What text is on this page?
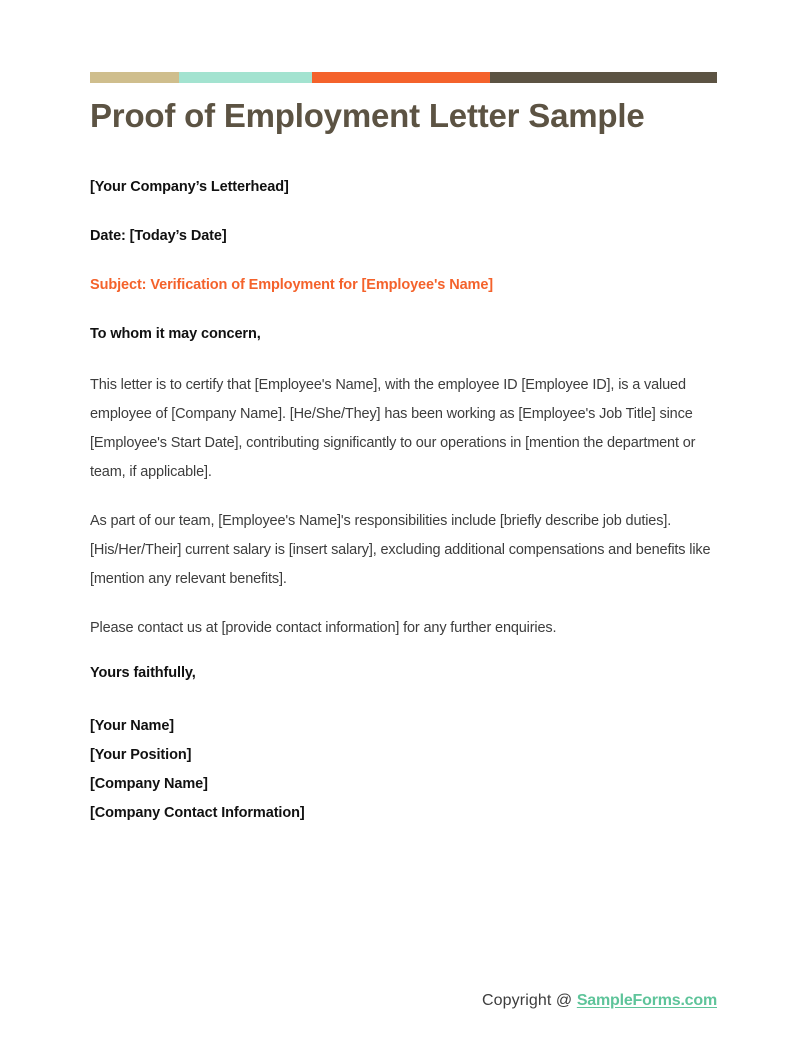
Proof of Employment Letter Sample
[Your Company’s Letterhead]
Date: [Today’s Date]
Subject: Verification of Employment for [Employee's Name]
To whom it may concern,

This letter is to certify that [Employee's Name], with the employee ID [Employee ID], is a valued employee of [Company Name]. [He/She/They] has been working as [Employee's Job Title] since [Employee's Start Date], contributing significantly to our operations in [mention the department or team, if applicable].

As part of our team, [Employee's Name]'s responsibilities include [briefly describe job duties]. [His/Her/Their] current salary is [insert salary], excluding additional compensations and benefits like [mention any relevant benefits].

Please contact us at [provide contact information] for any further enquiries.

Yours faithfully,
[Your Name]
[Your Position]
[Company Name]
[Company Contact Information]
Copyright @ SampleForms.com
